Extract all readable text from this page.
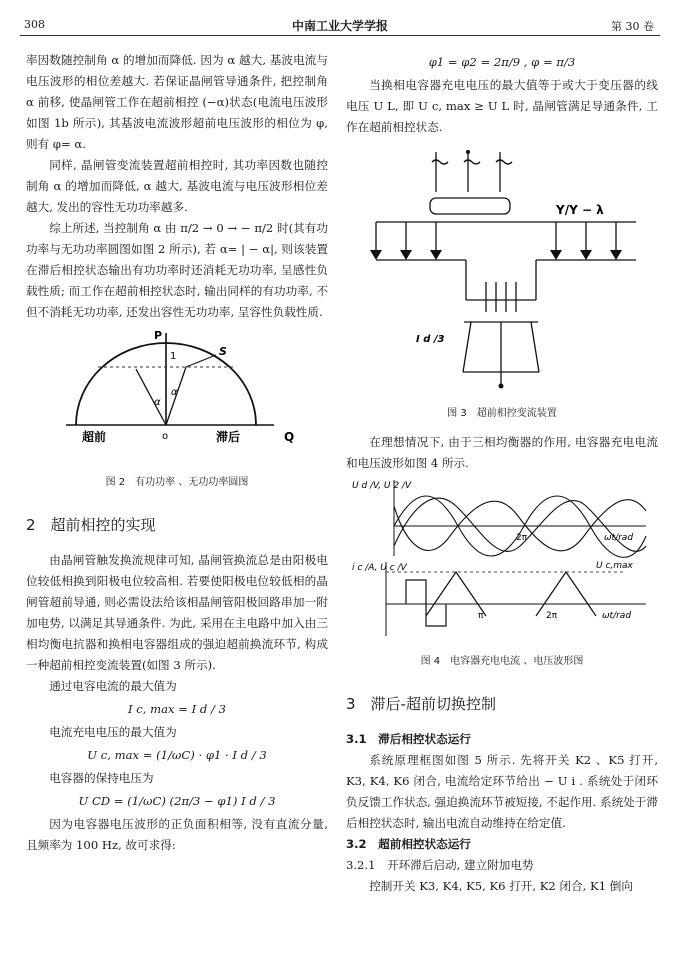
308	中南工业大学学报	第 30 卷

率因数随控制角 α 的增加而降低. 因为 α 越大, 基波电流与电压波形的相位差越大. 若保证晶闸管导通条件, 把控制角 α 前移, 使晶闸管工作在超前相控 (−α)状态(电流电压波形如图 1b 所示), 其基波电流波形超前电压波形的相位为 φ, 则有 φ= α.

同样, 晶闸管变流装置超前相控时, 其功率因数也随控制角 α 的增加而降低, α 越大, 基波电流与电压波形相位差越大, 发出的容性无功功率越多.

综上所述, 当控制角 α 由 π/2 → 0 → − π/2 时(其有功功率与无功功率圆图如图 2 所示), 若 α= | − α|, 则该装置在滞后相控状态输出有功功率时还消耗无功功率, 呈感性负载性质; 而工作在超前相控状态时, 输出同样的有功功率, 不但不消耗无功功率, 还发出容性无功功率, 呈容性负载性质.

P
1	S
α
α
o
超前	滞后	Q
图 2　有功功率 、无功功率圆图
2　超前相控的实现

由晶闸管触发换流规律可知, 晶闸管换流总是由阳极电位较低相换到阳极电位较高相. 若要使阳极电位较低相的晶闸管超前导通, 则必需设法给该相晶闸管阳极回路串加一附加电势, 以满足其导通条件. 为此, 采用在主电路中加入由三相均衡电抗器和换相电容器组成的强迫超前换流环节, 构成一种超前相控变流装置(如图 3 所示).

通过电容电流的最大值为

I c, max = I d / 3

电流充电电压的最大值为

U c, max = (1/ωC) · φ1 · I d / 3

电容器的保持电压为

U CD = (1/ωC) (2π/3 − φ1) I d / 3

因为电容器电压波形的正负面积相等, 没有直流分量, 且频率为 100 Hz, 故可求得:

φ1 = φ2 = 2π/9 , φ = π/3

当换相电容器充电电压的最大值等于或大于变压器的线电压 U L, 即 U c, max ≥ U L 时, 晶闸管满足导通条件, 工作在超前相控状态.

Y/Y − λ
I d /3
图 3　超前相控变流装置

在理想情况下, 由于三相均衡器的作用, 电容器充电电流和电压波形如图 4 所示.

U d /V, U 2 /V
ωt/rad
2π
i c /A, U c /V	U c,max
π	2π	ωt/rad
图 4　电容器充电电流 、电压波形图
3　滞后-超前切换控制
3.1　滞后相控状态运行

系统原理框图如图 5 所示. 先将开关 K2 、K5 打开, K3, K4, K6 闭合, 电流给定环节给出 − U i . 系统处于闭环负反馈工作状态, 强迫换流环节被短接, 不起作用. 系统处于滞后相控状态时, 输出电流自动维持在给定值.

3.2　超前相控状态运行

3.2.1　开环滞后启动, 建立附加电势

控制开关 K3, K4, K5, K6 打开, K2 闭合, K1 倒向
